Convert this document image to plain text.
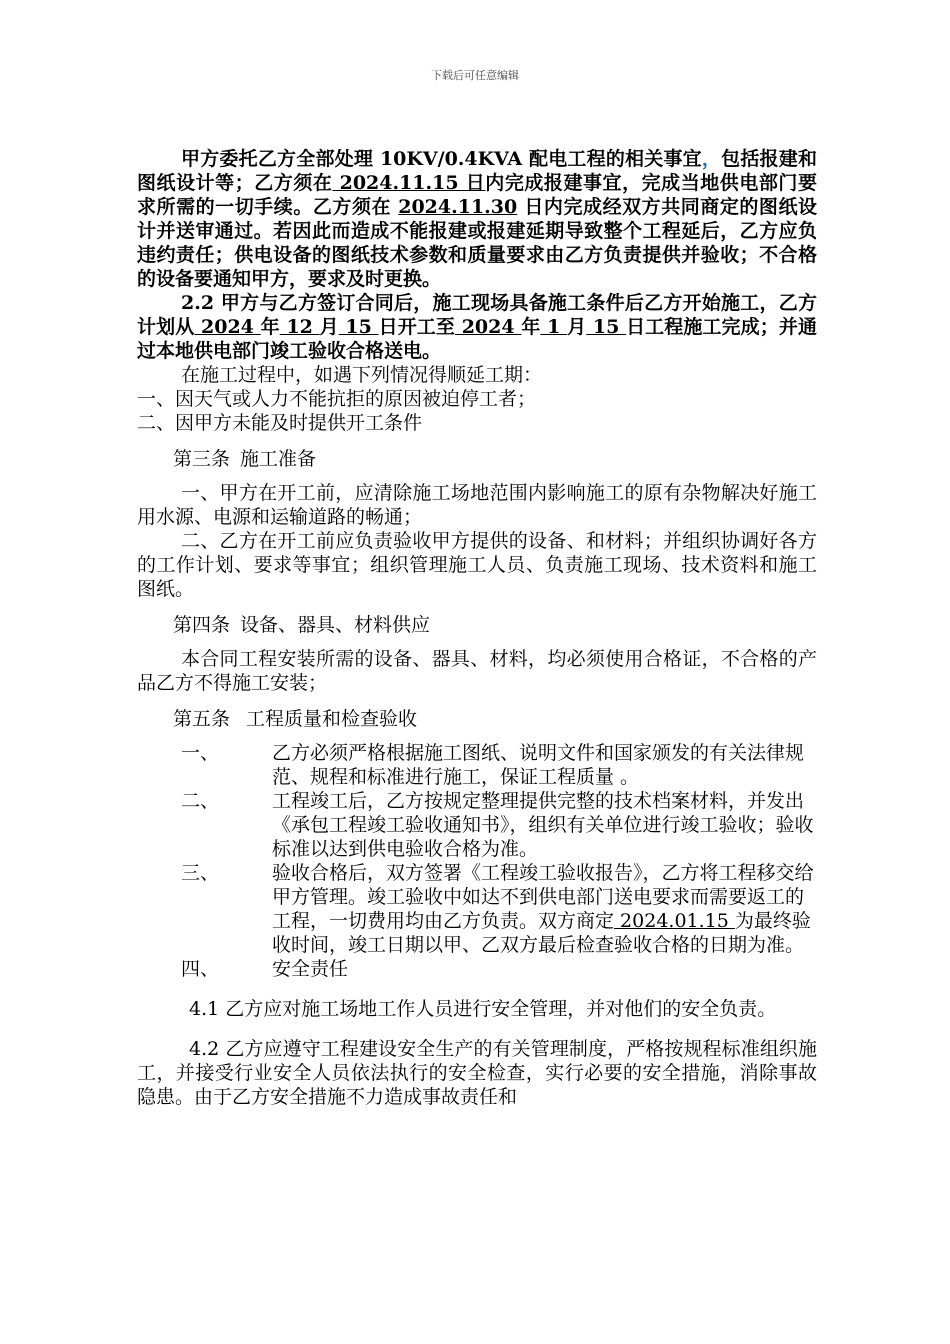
下载后可任意编辑

甲方委托乙方全部处理 10KV/0.4KVA 配电工程的相关事宜，包括报建和图纸设计等；乙方须在 2024.11.15 日内完成报建事宜，完成当地供电部门要求所需的一切手续。乙方须在 2024.11.30 日内完成经双方共同商定的图纸设计并送审通过。若因此而造成不能报建或报建延期导致整个工程延后，乙方应负违约责任；供电设备的图纸技术参数和质量要求由乙方负责提供并验收；不合格的设备要通知甲方，要求及时更换。

2.2 甲方与乙方签订合同后，施工现场具备施工条件后乙方开始施工，乙方计划从 2024 年 12 月 15 日开工至 2024 年 1 月 15 日工程施工完成；并通过本地供电部门竣工验收合格送电。

在施工过程中，如遇下列情况得顺延工期：

一、因天气或人力不能抗拒的原因被迫停工者；

二、因甲方未能及时提供开工条件

第三条 施工准备

一、甲方在开工前，应清除施工场地范围内影响施工的原有杂物解决好施工用水源、电源和运输道路的畅通；

二、乙方在开工前应负责验收甲方提供的设备、和材料；并组织协调好各方的工作计划、要求等事宜；组织管理施工人员、负责施工现场、技术资料和施工图纸。

第四条 设备、器具、材料供应

本合同工程安装所需的设备、器具、材料，均必须使用合格证，不合格的产品乙方不得施工安装；

第五条 工程质量和检查验收

一、	乙方必须严格根据施工图纸、说明文件和国家颁发的有关法律规范、规程和标准进行施工，保证工程质量 。
二、	工程竣工后，乙方按规定整理提供完整的技术档案材料，并发出《承包工程竣工验收通知书》，组织有关单位进行竣工验收；验收标准以达到供电验收合格为准。
三、	验收合格后，双方签署《工程竣工验收报告》，乙方将工程移交给甲方管理。竣工验收中如达不到供电部门送电要求而需要返工的工程，一切费用均由乙方负责。双方商定 2024.01.15 为最终验收时间，竣工日期以甲、乙双方最后检查验收合格的日期为准。
四、	安全责任

4.1 乙方应对施工场地工作人员进行安全管理，并对他们的安全负责。

4.2 乙方应遵守工程建设安全生产的有关管理制度，严格按规程标准组织施工，并接受行业安全人员依法执行的安全检查，实行必要的安全措施，消除事故隐患。由于乙方安全措施不力造成事故责任和
